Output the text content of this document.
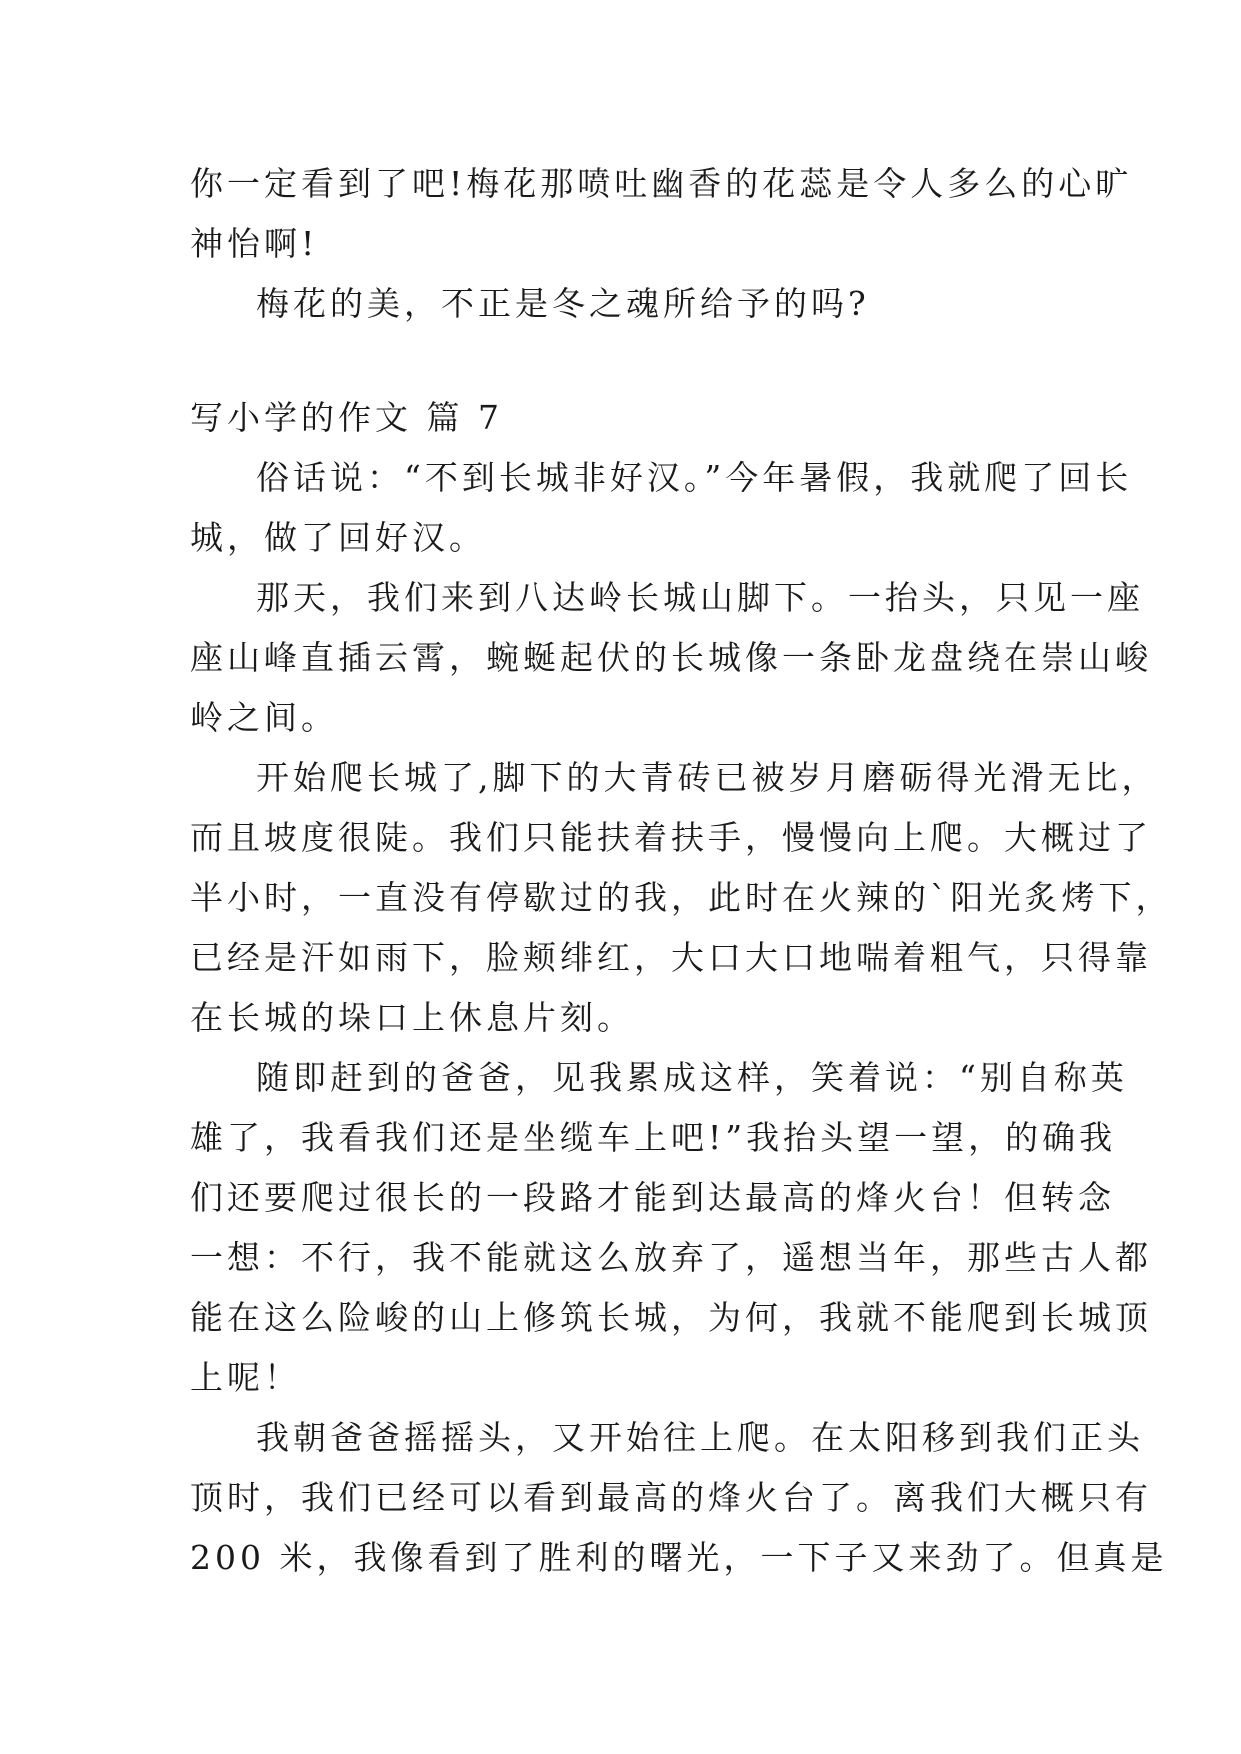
你一定看到了吧!梅花那喷吐幽香的花蕊是令人多么的心旷
神怡啊!
梅花的美，不正是冬之魂所给予的吗?
写小学的作文 篇 7
俗话说：“不到长城非好汉。”今年暑假，我就爬了回长
城，做了回好汉。
那天，我们来到八达岭长城山脚下。一抬头，只见一座
座山峰直插云霄，蜿蜒起伏的长城像一条卧龙盘绕在崇山峻
岭之间。
开始爬长城了,脚下的大青砖已被岁月磨砺得光滑无比，
而且坡度很陡。我们只能扶着扶手，慢慢向上爬。大概过了
半小时，一直没有停歇过的我，此时在火辣的`阳光炙烤下，
已经是汗如雨下，脸颊绯红，大口大口地喘着粗气，只得靠
在长城的垛口上休息片刻。
随即赶到的爸爸，见我累成这样，笑着说：“别自称英
雄了，我看我们还是坐缆车上吧!”我抬头望一望，的确我
们还要爬过很长的一段路才能到达最高的烽火台！但转念
一想：不行，我不能就这么放弃了，遥想当年，那些古人都
能在这么险峻的山上修筑长城，为何，我就不能爬到长城顶
上呢！
我朝爸爸摇摇头，又开始往上爬。在太阳移到我们正头
顶时，我们已经可以看到最高的烽火台了。离我们大概只有
200 米，我像看到了胜利的曙光，一下子又来劲了。但真是
